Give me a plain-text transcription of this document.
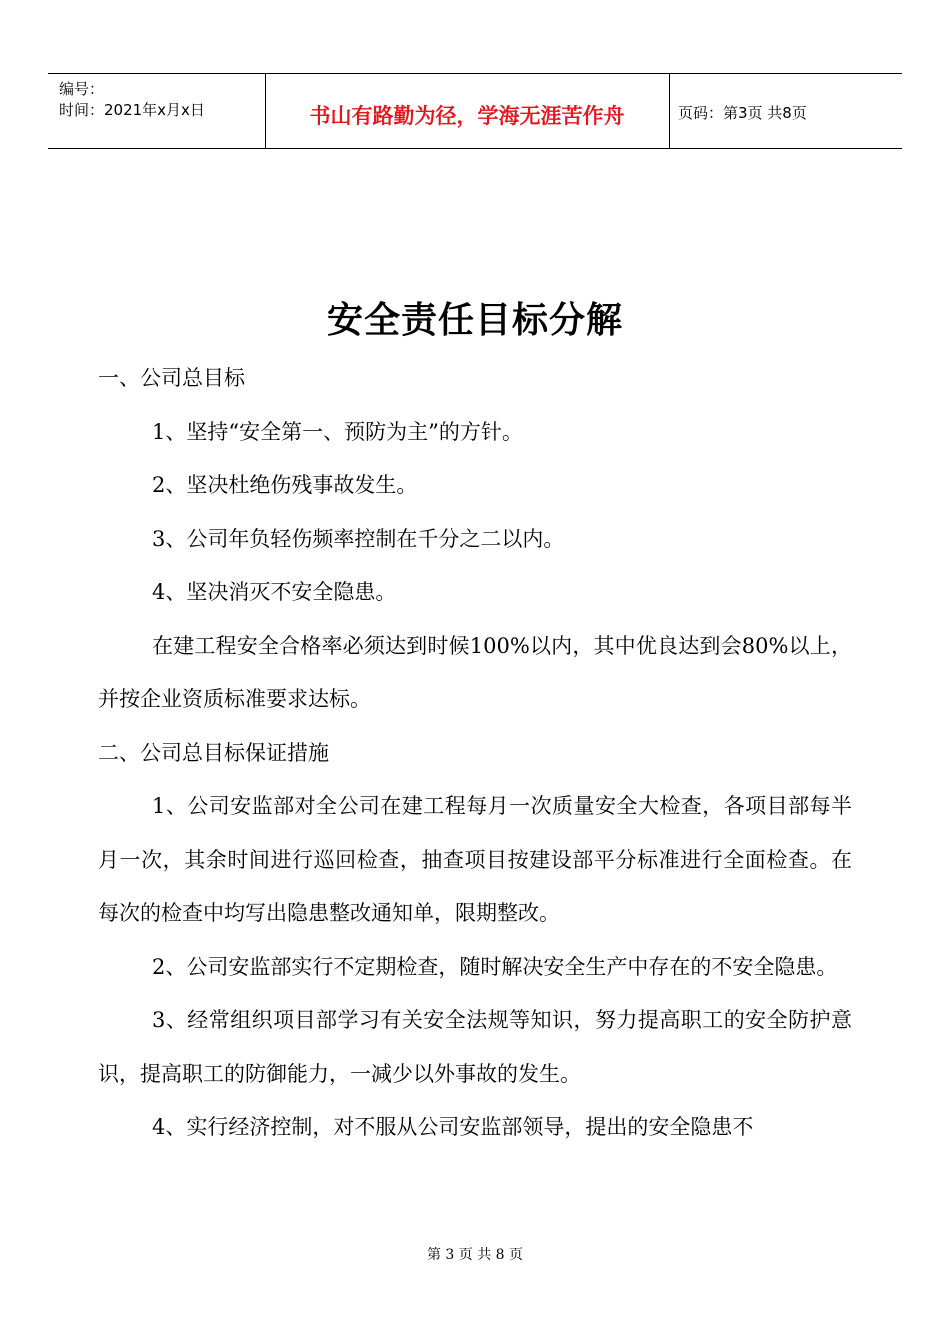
编号：
时间：2021年x月x日	书山有路勤为径，学海无涯苦作舟	页码：第3页 共8页
安全责任目标分解

一、公司总目标

1、坚持“安全第一、预防为主”的方针。

2、坚决杜绝伤残事故发生。

3、公司年负轻伤频率控制在千分之二以内。

4、坚决消灭不安全隐患。

在建工程安全合格率必须达到时候100%以内，其中优良达到会80%以上，并按企业资质标准要求达标。

二、公司总目标保证措施

1、公司安监部对全公司在建工程每月一次质量安全大检查，各项目部每半月一次，其余时间进行巡回检查，抽查项目按建设部平分标准进行全面检查。在每次的检查中均写出隐患整改通知单，限期整改。

2、公司安监部实行不定期检查，随时解决安全生产中存在的不安全隐患。

3、经常组织项目部学习有关安全法规等知识，努力提高职工的安全防护意识，提高职工的防御能力，一减少以外事故的发生。

4、实行经济控制，对不服从公司安监部领导，提出的安全隐患不

第 3 页 共 8 页
